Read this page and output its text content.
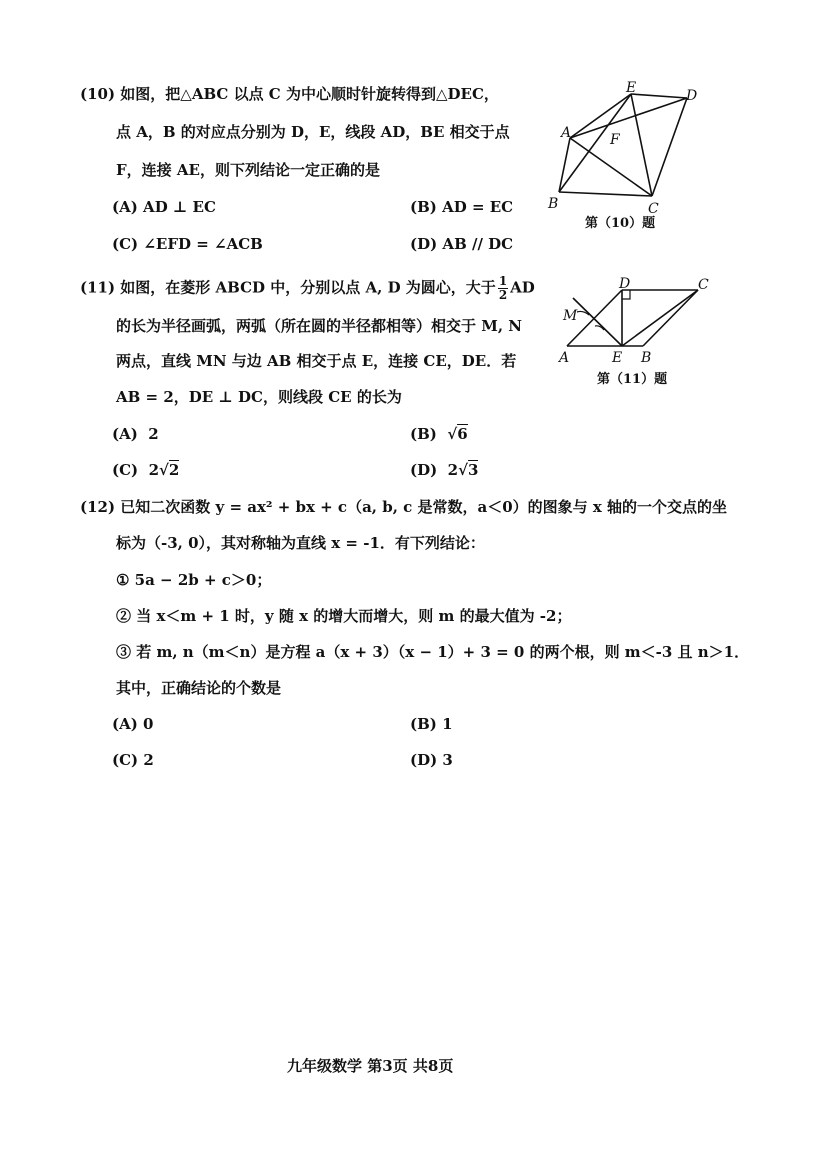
(10) 如图，把△ABC 以点 C 为中心顺时针旋转得到△DEC，
点 A，B 的对应点分别为 D，E，线段 AD，BE 相交于点
F，连接 AE，则下列结论一定正确的是
(A) AD ⊥ EC	(B) AD = EC
(C) ∠EFD = ∠ACB	(D) AB // DC
A
B	C
D
E
F
第（10）题
(11) 如图，在菱形 ABCD 中，分别以点 A, D 为圆心，大于 $\frac{1}{2}$ AD
的长为半径画弧，两弧（所在圆的半径都相等）相交于 M, N
两点，直线 MN 与边 AB 相交于点 E，连接 CE，DE．若
AB = 2，DE ⊥ DC，则线段 CE 的长为
(A) 2	(B) √6
(C) 2√2	(D) 2√3
D	C
A	E B
M
第（11）题
(12) 已知二次函数 y = ax² + bx + c（a, b, c 是常数，a＜0）的图象与 x 轴的一个交点的坐
标为（-3, 0），其对称轴为直线 x = -1．有下列结论：
① 5a − 2b + c＞0；
② 当 x＜m + 1 时，y 随 x 的增大而增大，则 m 的最大值为 -2；
③ 若 m, n（m＜n）是方程 a（x + 3）（x − 1）+ 3 = 0 的两个根，则 m＜-3 且 n＞1．
其中，正确结论的个数是
(A) 0	(B) 1
(C) 2	(D) 3
九年级数学 第3页 共8页
